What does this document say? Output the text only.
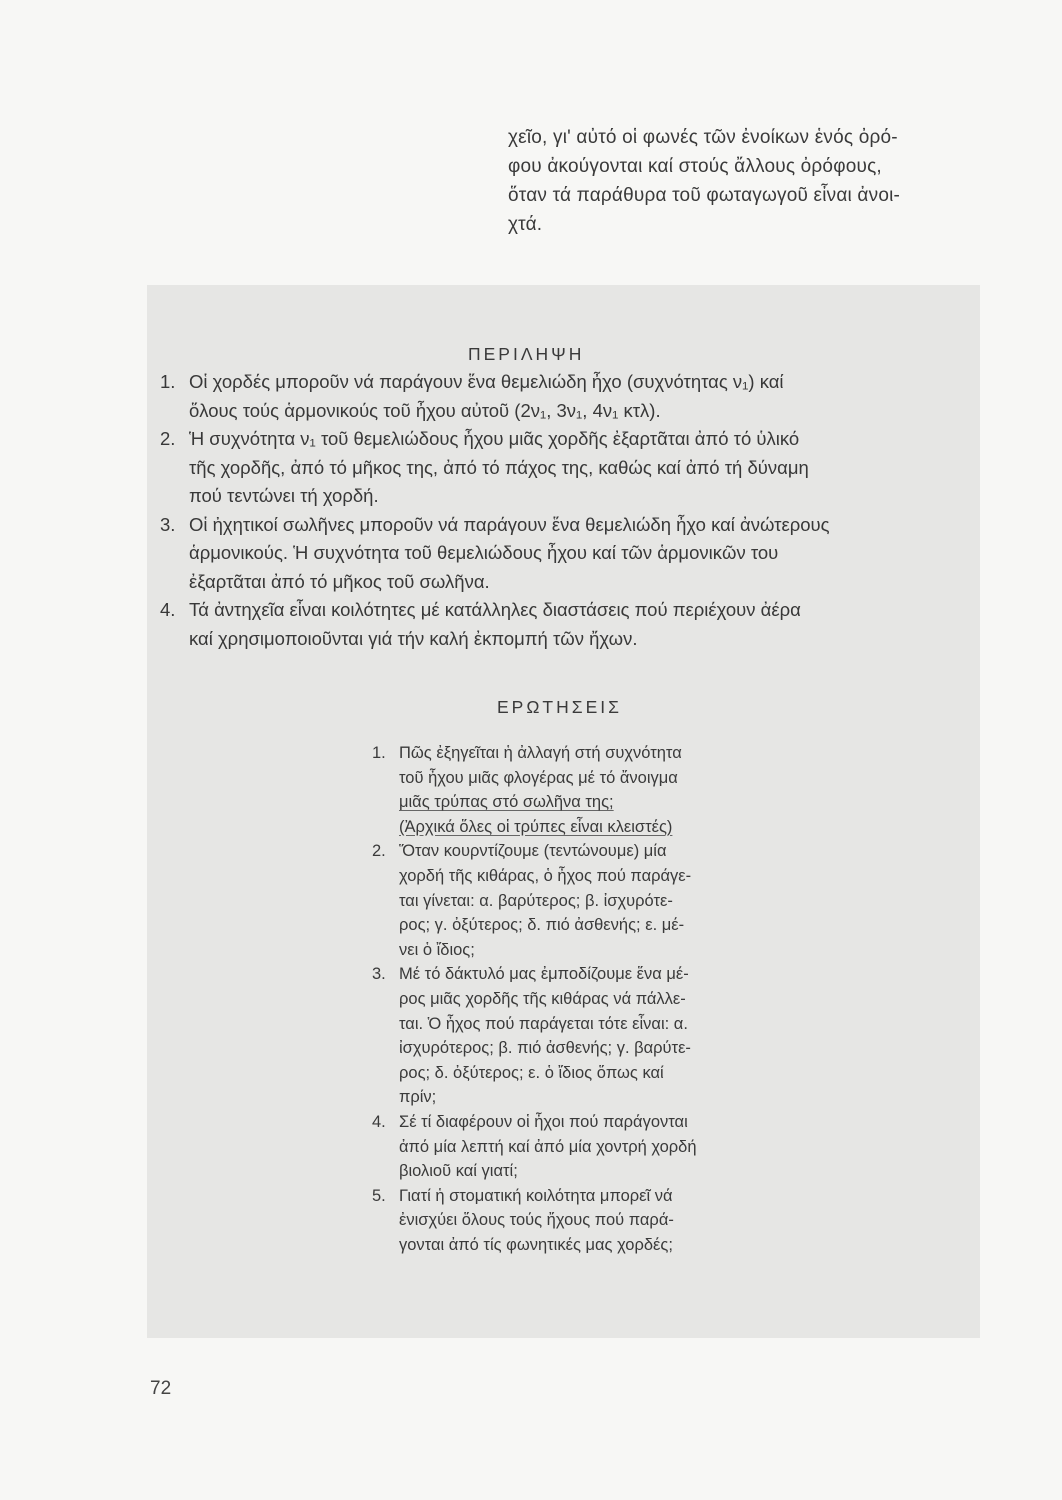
χεῖο, γι' αὐτό οἱ φωνές τῶν ἐνοίκων ἑνός ὀρό-
φου ἀκούγονται καί στούς ἄλλους ὀρόφους,
ὅταν τά παράθυρα τοῦ φωταγωγοῦ εἶναι ἀνοι-
χτά.
ΠΕΡΙΛΗΨΗ
1. Οἱ χορδές μποροῦν νά παράγουν ἕνα θεμελιώδη ἦχο (συχνότητας ν₁) καί
ὅλους τούς ἁρμονικούς τοῦ ἦχου αὐτοῦ (2ν₁, 3ν₁, 4ν₁ κτλ).
2. Ἡ συχνότητα ν₁ τοῦ θεμελιώδους ἦχου μιᾶς χορδῆς ἐξαρτᾶται ἀπό τό ὑλικό
τῆς χορδῆς, ἀπό τό μῆκος της, ἀπό τό πάχος της, καθώς καί ἀπό τή δύναμη
πού τεντώνει τή χορδή.
3. Οἱ ἠχητικοί σωλῆνες μποροῦν νά παράγουν ἕνα θεμελιώδη ἦχο καί ἀνώτερους
ἁρμονικούς. Ἡ συχνότητα τοῦ θεμελιώδους ἦχου καί τῶν ἁρμονικῶν του
ἐξαρτᾶται ἀπό τό μῆκος τοῦ σωλῆνα.
4. Τά ἀντηχεῖα εἶναι κοιλότητες μέ κατάλληλες διαστάσεις πού περιέχουν ἀέρα
καί χρησιμοποιοῦνται γιά τήν καλή ἐκπομπή τῶν ἤχων.
ΕΡΩΤΗΣΕΙΣ
1. Πῶς ἐξηγεῖται ἡ ἀλλαγή στή συχνότητα
τοῦ ἦχου μιᾶς φλογέρας μέ τό ἄνοιγμα
μιᾶς τρύπας στό σωλῆνα της;
(Ἀρχικά ὅλες οἱ τρύπες εἶναι κλειστές)
2. Ὅταν κουρντίζουμε (τεντώνουμε) μία
χορδή τῆς κιθάρας, ὁ ἦχος πού παράγε-
ται γίνεται: α. βαρύτερος; β. ἰσχυρότε-
ρος; γ. ὀξύτερος; δ. πιό ἀσθενής; ε. μέ-
νει ὁ ἴδιος;
3. Μέ τό δάκτυλό μας ἐμποδίζουμε ἕνα μέ-
ρος μιᾶς χορδῆς τῆς κιθάρας νά πάλλε-
ται. Ὁ ἦχος πού παράγεται τότε εἶναι: α.
ἰσχυρότερος; β. πιό ἀσθενής; γ. βαρύτε-
ρος; δ. ὀξύτερος; ε. ὁ ἴδιος ὅπως καί
πρίν;
4. Σέ τί διαφέρουν οἱ ἦχοι πού παράγονται
ἀπό μία λεπτή καί ἀπό μία χοντρή χορδή
βιολιοῦ καί γιατί;
5. Γιατί ἡ στοματική κοιλότητα μπορεῖ νά
ἐνισχύει ὅλους τούς ἤχους πού παρά-
γονται ἀπό τίς φωνητικές μας χορδές;
72
